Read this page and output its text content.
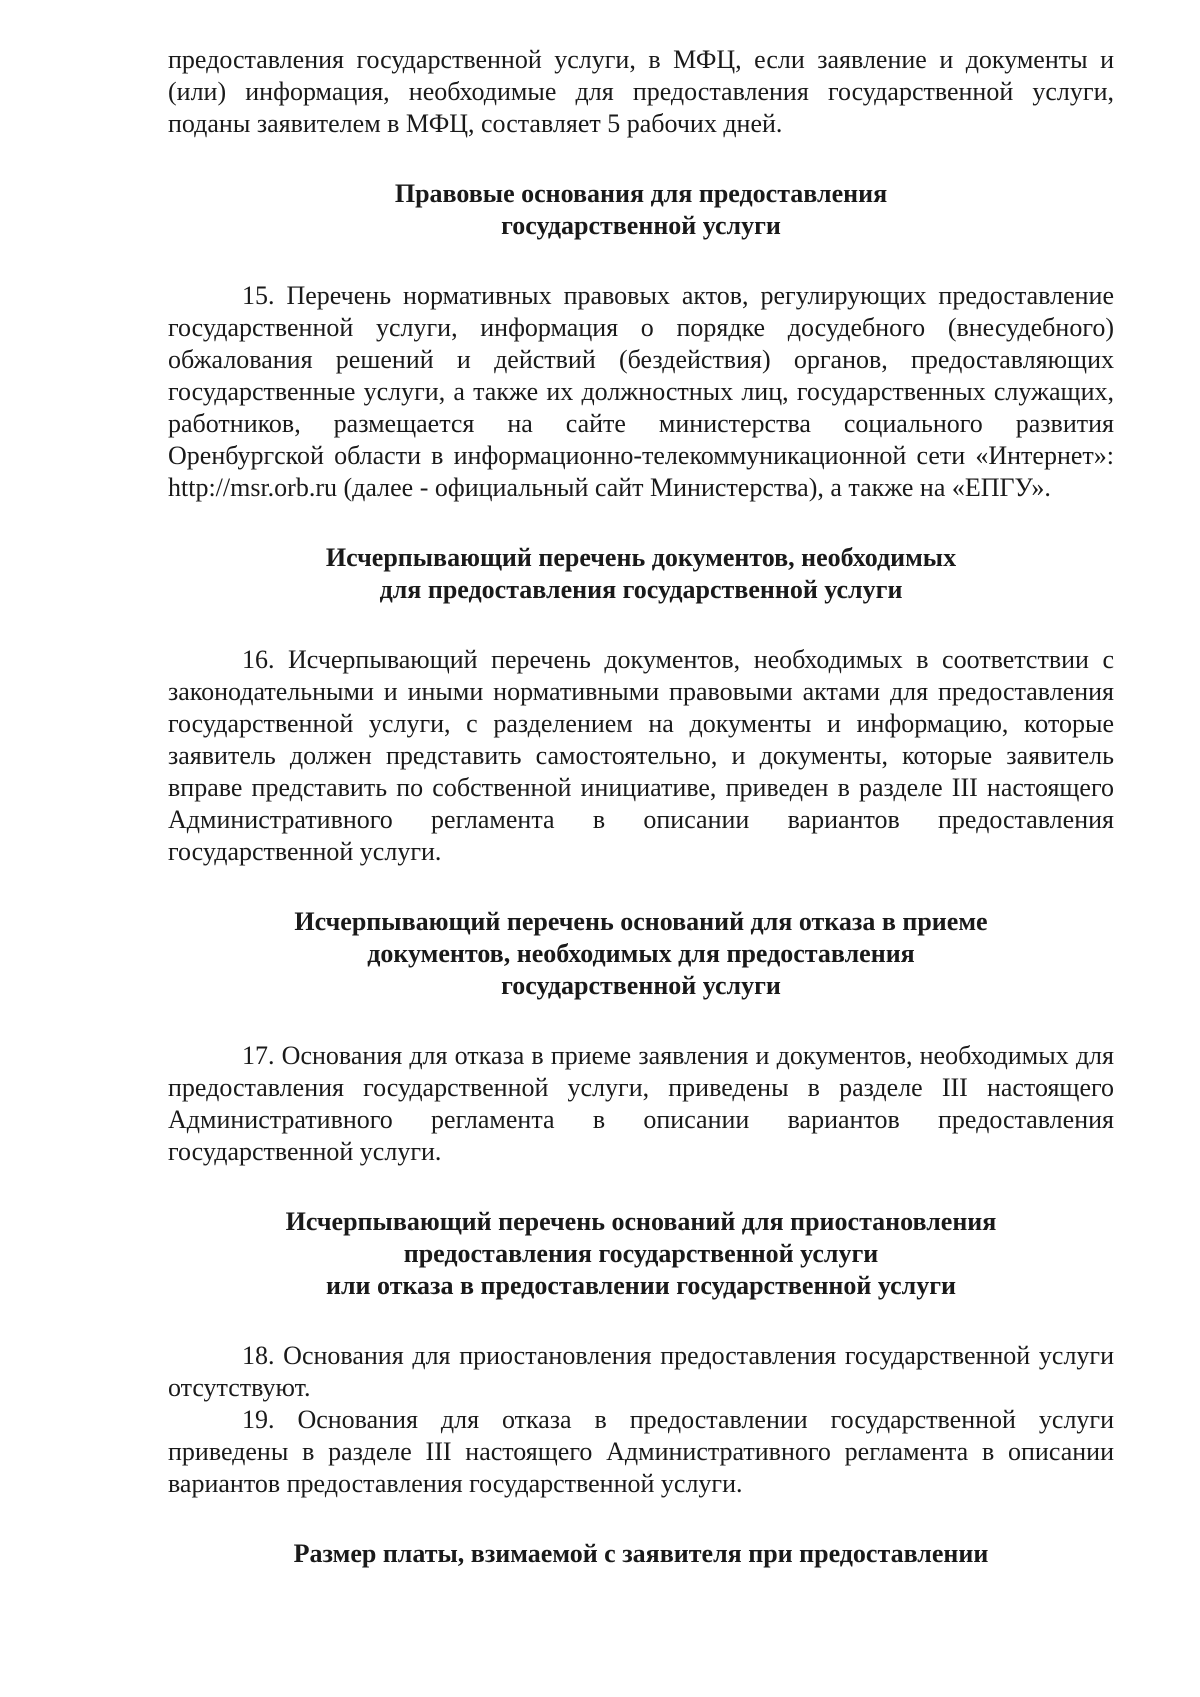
предоставления государственной услуги, в МФЦ, если заявление и документы и (или) информация, необходимые для предоставления государственной услуги, поданы заявителем в МФЦ, составляет 5 рабочих дней.

Правовые основания для предоставления
государственной услуги

15. Перечень нормативных правовых актов, регулирующих предоставление государственной услуги, информация о порядке досудебного (внесудебного) обжалования решений и действий (бездействия) органов, предоставляющих государственные услуги, а также их должностных лиц, государственных служащих, работников, размещается на сайте министерства социального развития Оренбургской области в информационно-телекоммуникационной сети «Интернет»: http://msr.orb.ru (далее - официальный сайт Министерства), а также на «ЕПГУ».

Исчерпывающий перечень документов, необходимых
для предоставления государственной услуги

16. Исчерпывающий перечень документов, необходимых в соответствии с законодательными и иными нормативными правовыми актами для предоставления государственной услуги, с разделением на документы и информацию, которые заявитель должен представить самостоятельно, и документы, которые заявитель вправе представить по собственной инициативе, приведен в разделе III настоящего Административного регламента в описании вариантов предоставления государственной услуги.

Исчерпывающий перечень оснований для отказа в приеме
документов, необходимых для предоставления
государственной услуги

17. Основания для отказа в приеме заявления и документов, необходимых для предоставления государственной услуги, приведены в разделе III настоящего Административного регламента в описании вариантов предоставления государственной услуги.

Исчерпывающий перечень оснований для приостановления
предоставления государственной услуги
или отказа в предоставлении государственной услуги

18. Основания для приостановления предоставления государственной услуги отсутствуют.

19. Основания для отказа в предоставлении государственной услуги приведены в разделе III настоящего Административного регламента в описании вариантов предоставления государственной услуги.

Размер платы, взимаемой с заявителя при предоставлении
